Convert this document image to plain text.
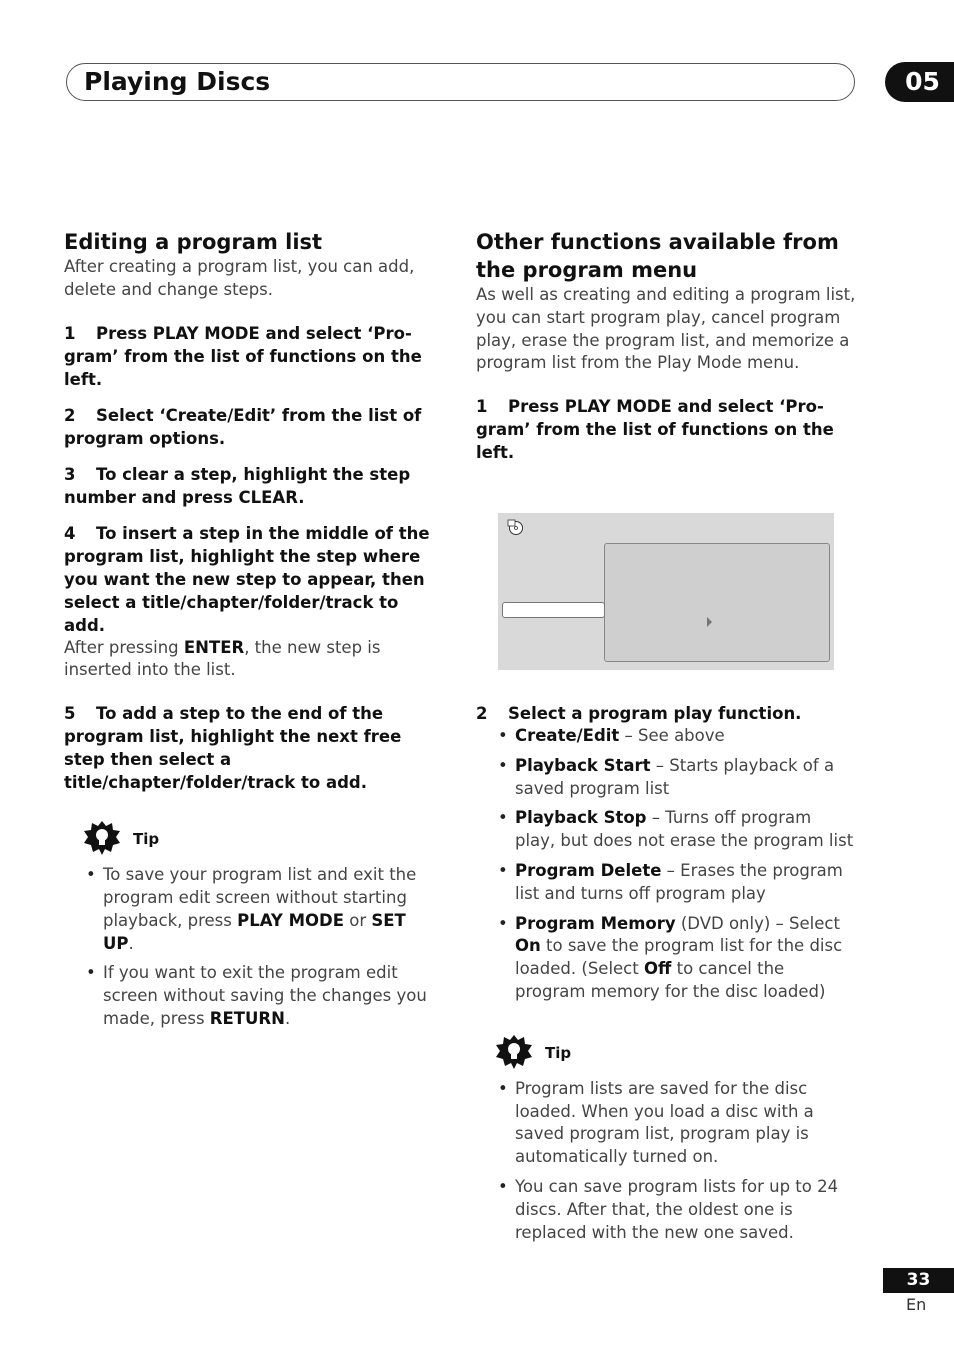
Playing Discs	05
Editing a program list
After creating a program list, you can add, delete and change steps.
1 Press PLAY MODE and select ‘Pro-gram’ from the list of functions on the left.
2 Select ‘Create/Edit’ from the list of program options.
3 To clear a step, highlight the step number and press CLEAR.
4 To insert a step in the middle of the program list, highlight the step where you want the new step to appear, then select a title/chapter/folder/track to add.
After pressing ENTER, the new step is inserted into the list.
5 To add a step to the end of the program list, highlight the next free step then select a title/chapter/folder/track to add.
Tip
• To save your program list and exit the program edit screen without starting playback, press PLAY MODE or SET UP.
• If you want to exit the program edit screen without saving the changes you made, press RETURN.
Other functions available from the program menu
As well as creating and editing a program list, you can start program play, cancel program play, erase the program list, and memorize a program list from the Play Mode menu.
1 Press PLAY MODE and select ‘Pro-gram’ from the list of functions on the left.
2 Select a program play function.
• Create/Edit – See above
• Playback Start – Starts playback of a saved program list
• Playback Stop – Turns off program play, but does not erase the program list
• Program Delete – Erases the program list and turns off program play
• Program Memory (DVD only) – Select On to save the program list for the disc loaded. (Select Off to cancel the program memory for the disc loaded)
Tip
• Program lists are saved for the disc loaded. When you load a disc with a saved program list, program play is automatically turned on.
• You can save program lists for up to 24 discs. After that, the oldest one is replaced with the new one saved.
33
En
